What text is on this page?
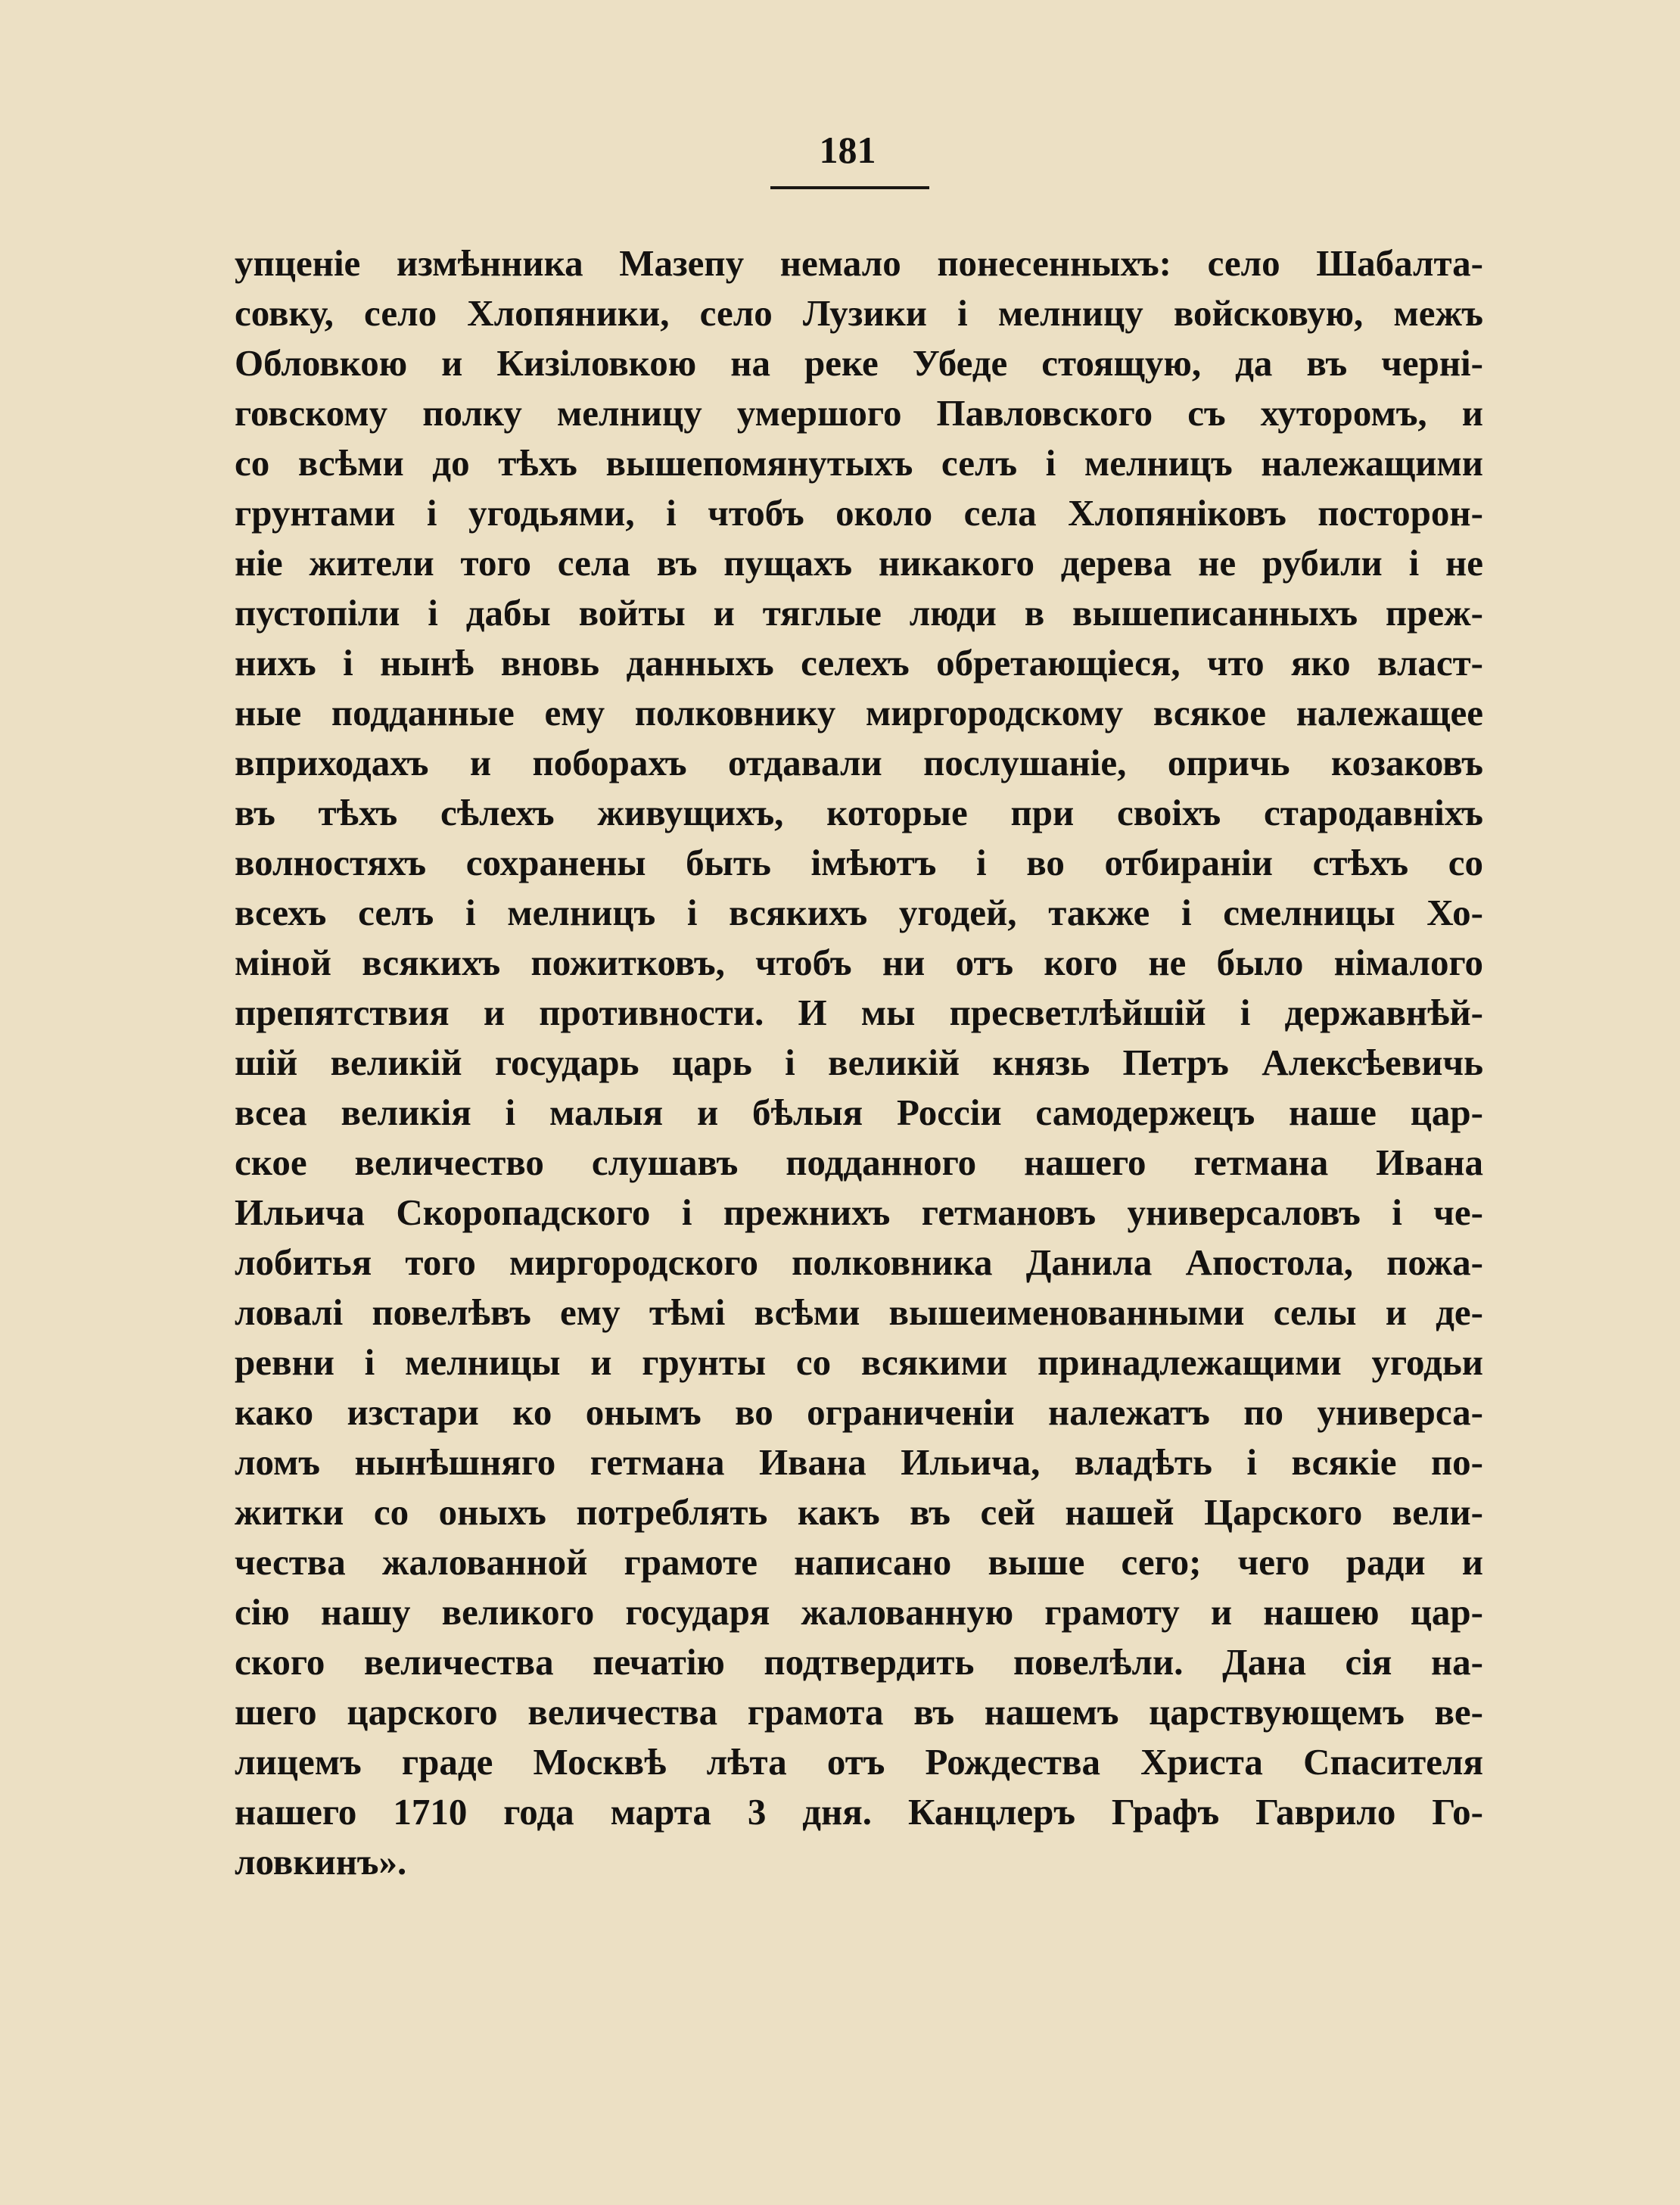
181
упценіе измѣнника Мазепу немало понесенныхъ: село Шабалта-
совку, село Хлопяники, село Лузики і мелницу войсковую, межъ
Обловкою и Кизіловкою на реке Убеде стоящую, да въ черні-
говскому полку мелницу умершого Павловского съ хуторомъ, и
со всѣми до тѣхъ вышепомянутыхъ селъ і мелницъ належащими
грунтами і угодьями, і чтобъ около села Хлопяніковъ посторон-
ніе жители того села въ пущахъ никакого дерева не рубили і не
пустопіли і дабы войты и тяглые люди в вышеписанныхъ преж-
нихъ і нынѣ вновь данныхъ селехъ обретающіеся, что яко власт-
ные подданные ему полковнику миргородскому всякое належащее
вприходахъ и поборахъ отдавали послушаніе, опричь козаковъ
въ тѣхъ сѣлехъ живущихъ, которые при своіхъ стародавніхъ
волностяхъ сохранены быть імѣютъ і во отбираніи стѣхъ со
всехъ селъ і мелницъ і всякихъ угодей, также і смелницы Хо-
міной всякихъ пожитковъ, чтобъ ни отъ кого не было німалого
препятствия и противности. И мы пресветлѣйшій і державнѣй-
шій великій государь царь і великій князь Петръ Алексѣевичь
всеа великія і малыя и бѣлыя Россіи самодержецъ наше цар-
ское величество слушавъ подданного нашего гетмана Ивана
Ильича Скоропадского і прежнихъ гетмановъ универсаловъ і че-
лобитья того миргородского полковника Данила Апостола, пожа-
ловалі повелѣвъ ему тѣмі всѣми вышеименованными селы и де-
ревни і мелницы и грунты со всякими принадлежащими угодьи
како изстари ко онымъ во ограниченіи належатъ по универса-
ломъ нынѣшняго гетмана Ивана Ильича, владѣть і всякіе по-
житки со оныхъ потреблять какъ въ сей нашей Царского вели-
чества жалованной грамоте написано выше сего; чего ради и
сію нашу великого государя жалованную грамоту и нашею цар-
ского величества печатію подтвердить повелѣли. Дана сія на-
шего царского величества грамота въ нашемъ царствующемъ ве-
лицемъ граде Москвѣ лѣта отъ Рождества Христа Спасителя
нашего 1710 года марта 3 дня. Канцлеръ Графъ Гаврило Го-
ловкинъ».
